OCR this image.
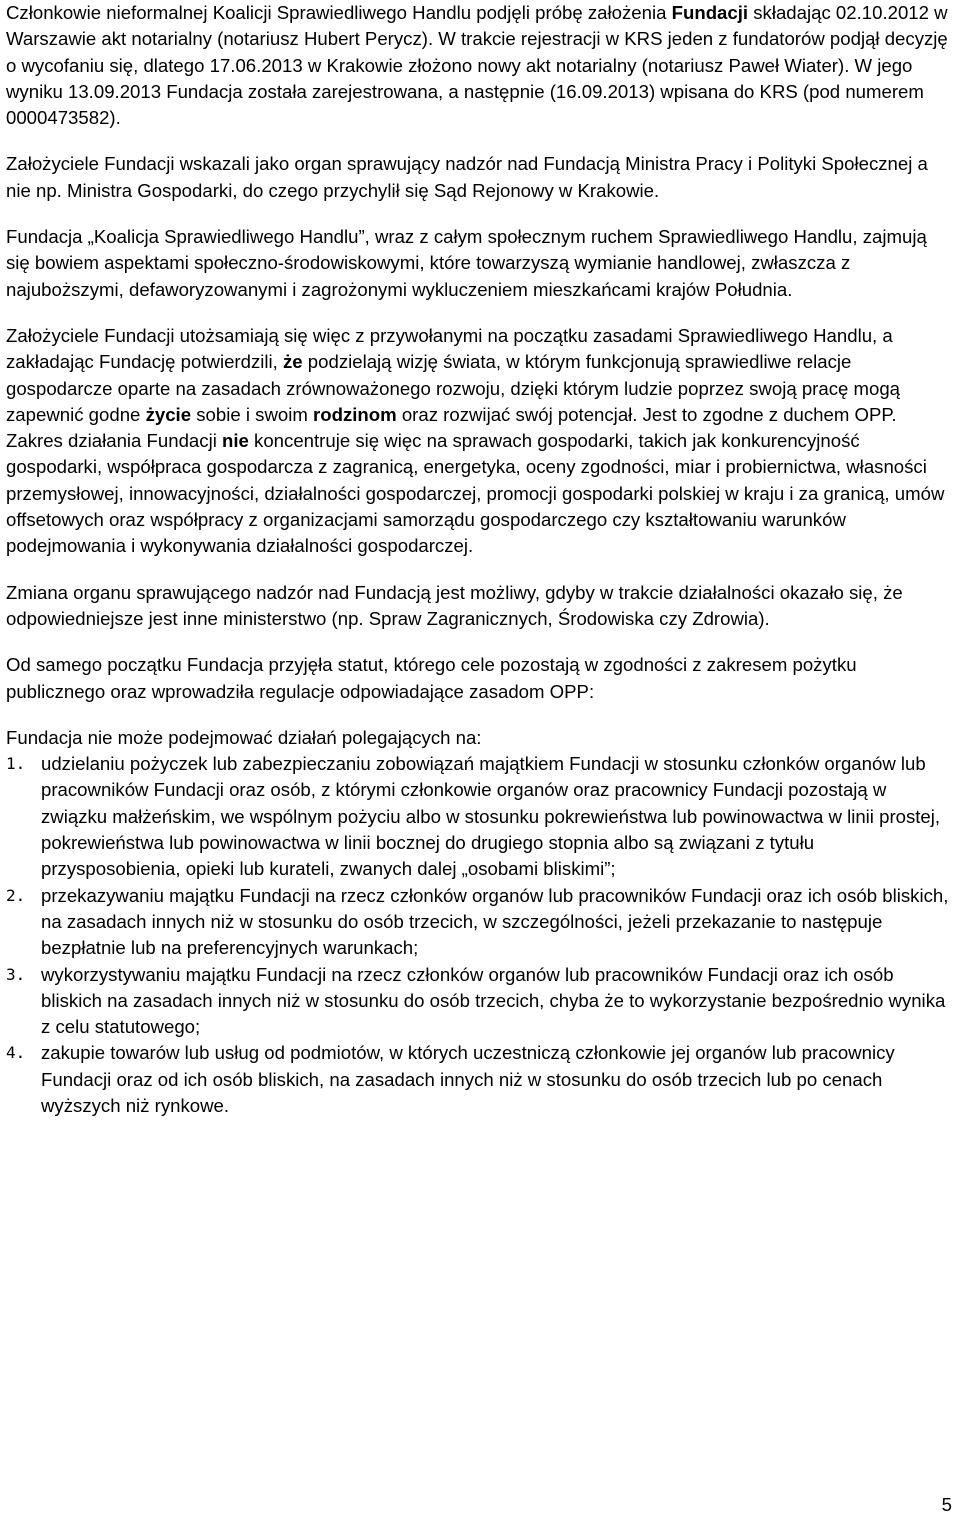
Członkowie nieformalnej Koalicji Sprawiedliwego Handlu podjęli próbę założenia Fundacji składając 02.10.2012 w Warszawie akt notarialny (notariusz Hubert Perycz). W trakcie rejestracji w KRS jeden z fundatorów podjął decyzję o wycofaniu się, dlatego 17.06.2013 w Krakowie złożono nowy akt notarialny (notariusz Paweł Wiater). W jego wyniku 13.09.2013 Fundacja została zarejestrowana, a następnie (16.09.2013) wpisana do KRS (pod numerem 0000473582).

Założyciele Fundacji wskazali jako organ sprawujący nadzór nad Fundacją Ministra Pracy i Polityki Społecznej a nie np. Ministra Gospodarki, do czego przychylił się Sąd Rejonowy w Krakowie.

Fundacja „Koalicja Sprawiedliwego Handlu”, wraz z całym społecznym ruchem Sprawiedliwego Handlu, zajmują się bowiem aspektami społeczno-środowiskowymi, które towarzyszą wymianie handlowej, zwłaszcza z najuboższymi, defaworyzowanymi i zagrożonymi wykluczeniem mieszkańcami krajów Południa.

Założyciele Fundacji utożsamiają się więc z przywołanymi na początku zasadami Sprawiedliwego Handlu, a zakładając Fundację potwierdzili, że podzielają wizję świata, w którym funkcjonują sprawiedliwe relacje gospodarcze oparte na zasadach zrównoważonego rozwoju, dzięki którym ludzie poprzez swoją pracę mogą zapewnić godne życie sobie i swoim rodzinom oraz rozwijać swój potencjał. Jest to zgodne z duchem OPP. Zakres działania Fundacji nie koncentruje się więc na sprawach gospodarki, takich jak konkurencyjność gospodarki, współpraca gospodarcza z zagranicą, energetyka, oceny zgodności, miar i probiernictwa, własności przemysłowej, innowacyjności, działalności gospodarczej, promocji gospodarki polskiej w kraju i za granicą, umów offsetowych oraz współpracy z organizacjami samorządu gospodarczego czy kształtowaniu warunków podejmowania i wykonywania działalności gospodarczej.

Zmiana organu sprawującego nadzór nad Fundacją jest możliwy, gdyby w trakcie działalności okazało się, że odpowiedniejsze jest inne ministerstwo (np. Spraw Zagranicznych, Środowiska czy Zdrowia).

Od samego początku Fundacja przyjęła statut, którego cele pozostają w zgodności z zakresem pożytku publicznego oraz wprowadziła regulacje odpowiadające zasadom OPP:

Fundacja nie może podejmować działań polegających na:
1. udzielaniu pożyczek lub zabezpieczaniu zobowiązań majątkiem Fundacji w stosunku członków organów lub pracowników Fundacji oraz osób, z którymi członkowie organów oraz pracownicy Fundacji pozostają w związku małżeńskim, we wspólnym pożyciu albo w stosunku pokrewieństwa lub powinowactwa w linii prostej, pokrewieństwa lub powinowactwa w linii bocznej do drugiego stopnia albo są związani z tytułu przysposobienia, opieki lub kurateli, zwanych dalej „osobami bliskimi”;
2. przekazywaniu majątku Fundacji na rzecz członków organów lub pracowników Fundacji oraz ich osób bliskich, na zasadach innych niż w stosunku do osób trzecich, w szczególności, jeżeli przekazanie to następuje bezpłatnie lub na preferencyjnych warunkach;
3. wykorzystywaniu majątku Fundacji na rzecz członków organów lub pracowników Fundacji oraz ich osób bliskich na zasadach innych niż w stosunku do osób trzecich, chyba że to wykorzystanie bezpośrednio wynika z celu statutowego;
4. zakupie towarów lub usług od podmiotów, w których uczestniczą członkowie jej organów lub pracownicy Fundacji oraz od ich osób bliskich, na zasadach innych niż w stosunku do osób trzecich lub po cenach wyższych niż rynkowe.
5
